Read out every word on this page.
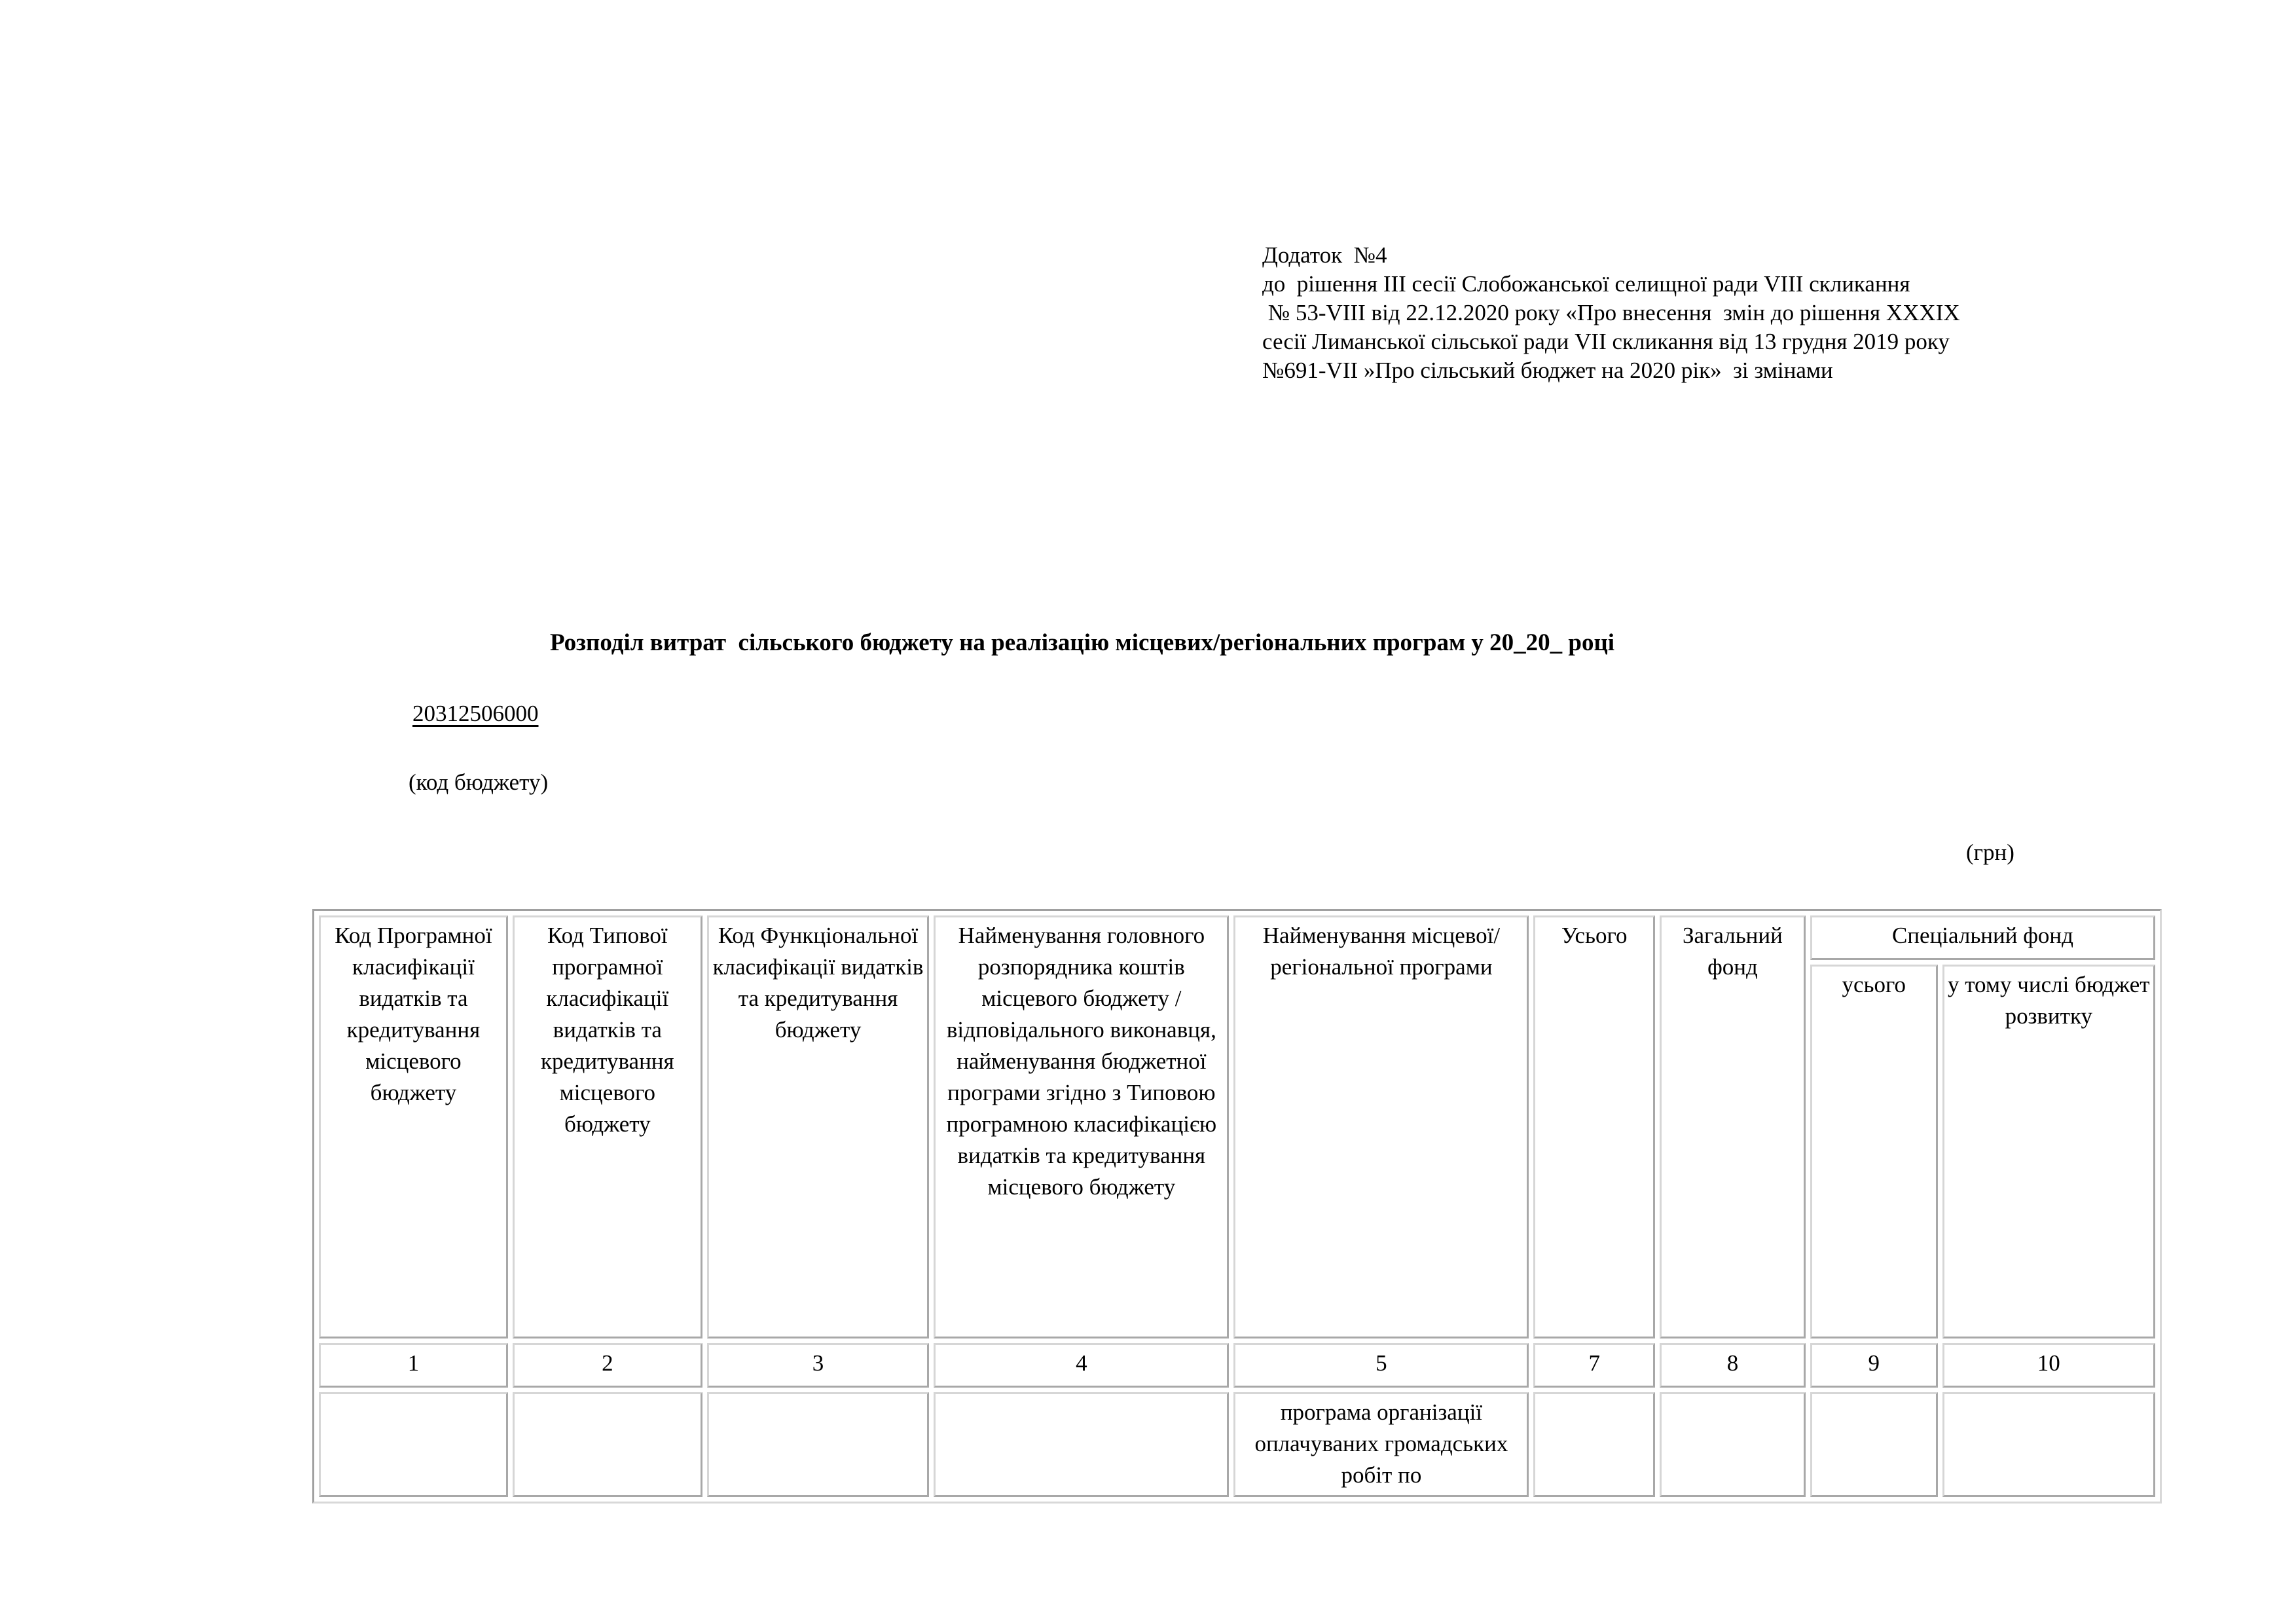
Додаток  №4
до  рішення ІІІ сесії Слобожанської селищної ради VIII скликання
№ 53-VIII від 22.12.2020 року «Про внесення  змін до рішення ХХХIX
сесії Лиманської сільської ради VII скликання від 13 грудня 2019 року
№691-VII »Про сільський бюджет на 2020 рік»  зі змінами
Розподіл витрат  сільського бюджету на реалізацію місцевих/регіональних програм у 20_20_ році
20312506000
(код бюджету)
(грн)
Код Програмної класифікації видатків та кредитування місцевого бюджету	Код Типової програмної класифікації видатків та кредитування місцевого бюджету	Код Функціональної класифікації видатків та кредитування бюджету	Найменування головного розпорядника коштів місцевого бюджету / відповідального виконавця, найменування бюджетної програми згідно з Типовою програмною класифікацією видатків та кредитування місцевого бюджету	Найменування місцевої/регіональної програми	Усього	Загальний фонд	Спеціальний фонд	
							усього	у тому числі бюджет розвитку
1	2	3	4	5	7	8	9	10
				програма організації оплачуваних громадських робіт по				
